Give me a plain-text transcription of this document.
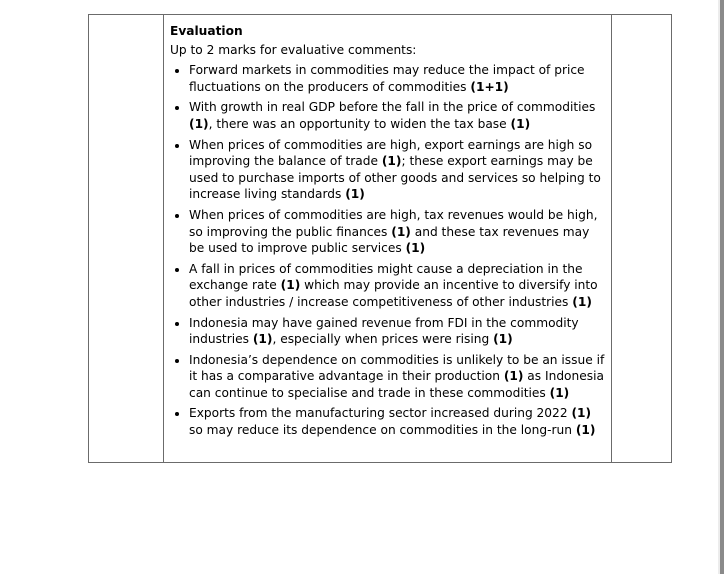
Evaluation
Up to 2 marks for evaluative comments:
Forward markets in commodities may reduce the impact of price fluctuations on the producers of commodities (1+1)
With growth in real GDP before the fall in the price of commodities (1), there was an opportunity to widen the tax base (1)
When prices of commodities are high, export earnings are high so improving the balance of trade (1); these export earnings may be used to purchase imports of other goods and services so helping to increase living standards (1)
When prices of commodities are high, tax revenues would be high, so improving the public finances (1) and these tax revenues may be used to improve public services (1)
A fall in prices of commodities might cause a depreciation in the exchange rate (1) which may provide an incentive to diversify into other industries / increase competitiveness of other industries (1)
Indonesia may have gained revenue from FDI in the commodity industries (1), especially when prices were rising (1)
Indonesia’s dependence on commodities is unlikely to be an issue if it has a comparative advantage in their production (1) as Indonesia can continue to specialise and trade in these commodities (1)
Exports from the manufacturing sector increased during 2022 (1) so may reduce its dependence on commodities in the long-run (1)
